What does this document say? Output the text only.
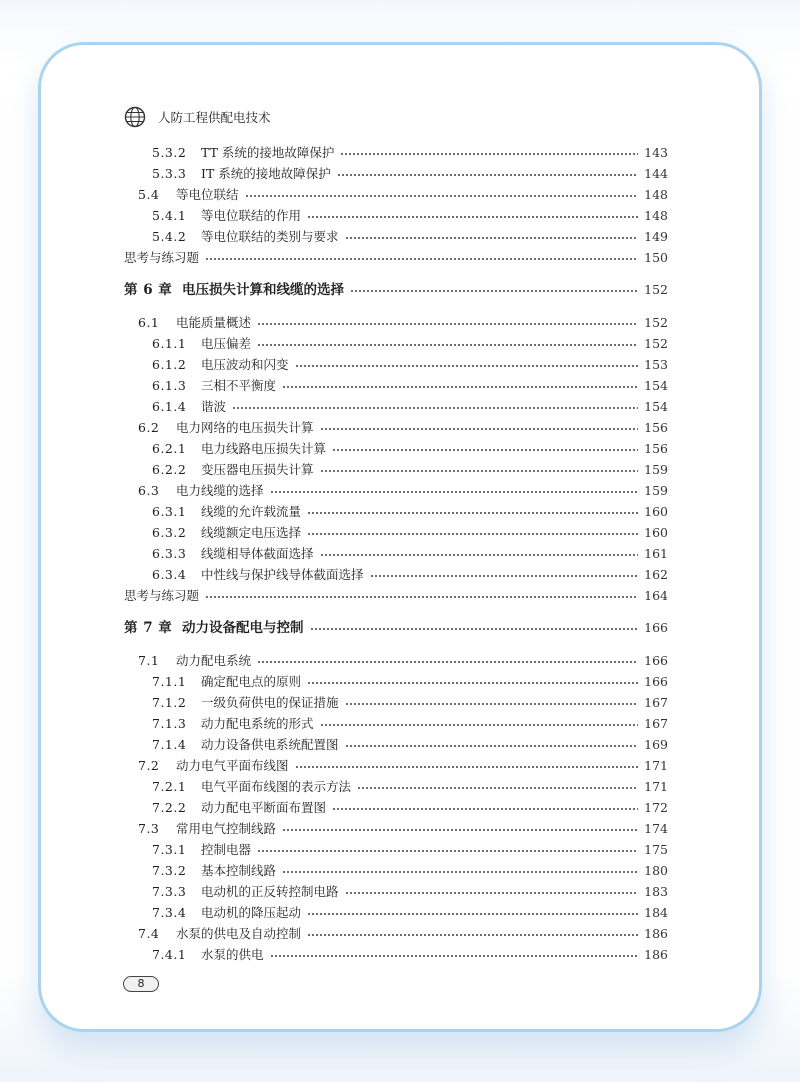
人防工程供配电技术
5.3.2 TT 系统的接地故障保护	143
5.3.3 IT 系统的接地故障保护	144
5.4 等电位联结	148
5.4.1 等电位联结的作用	148
5.4.2 等电位联结的类别与要求	149
思考与练习题	150
第 6 章 电压损失计算和线缆的选择	152
6.1 电能质量概述	152
6.1.1 电压偏差	152
6.1.2 电压波动和闪变	153
6.1.3 三相不平衡度	154
6.1.4 谐波	154
6.2 电力网络的电压损失计算	156
6.2.1 电力线路电压损失计算	156
6.2.2 变压器电压损失计算	159
6.3 电力线缆的选择	159
6.3.1 线缆的允许载流量	160
6.3.2 线缆额定电压选择	160
6.3.3 线缆相导体截面选择	161
6.3.4 中性线与保护线导体截面选择	162
思考与练习题	164
第 7 章 动力设备配电与控制	166
7.1 动力配电系统	166
7.1.1 确定配电点的原则	166
7.1.2 一级负荷供电的保证措施	167
7.1.3 动力配电系统的形式	167
7.1.4 动力设备供电系统配置图	169
7.2 动力电气平面布线图	171
7.2.1 电气平面布线图的表示方法	171
7.2.2 动力配电平断面布置图	172
7.3 常用电气控制线路	174
7.3.1 控制电器	175
7.3.2 基本控制线路	180
7.3.3 电动机的正反转控制电路	183
7.3.4 电动机的降压起动	184
7.4 水泵的供电及自动控制	186
7.4.1 水泵的供电	186
8
